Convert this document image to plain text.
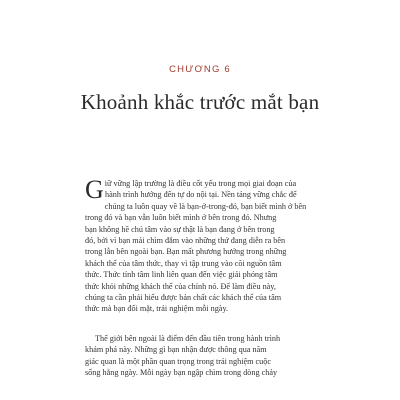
CHƯƠNG 6
Khoảnh khắc trước mắt bạn
Giữ vững lập trường là điều cốt yếu trong mọi giai đoạn của
hành trình hướng đến tự do nội tại. Nền tảng vững chắc để
chúng ta luôn quay về là bạn-ở-trong-đó, bạn biết mình ở bên
trong đó và bạn vẫn luôn biết mình ở bên trong đó. Nhưng
bạn không hề chú tâm vào sự thật là bạn đang ở bên trong
đó, bởi vì bạn mải chìm đắm vào những thứ đang diễn ra bên
trong lẫn bên ngoài bạn. Bạn mất phương hướng trong những
khách thể của tâm thức, thay vì tập trung vào cõi nguồn tâm
thức. Thức tỉnh tâm linh liên quan đến việc giải phóng tâm
thức khỏi những khách thể của chính nó. Để làm điều này,
chúng ta cần phải hiểu được bản chất các khách thể của tâm
thức mà bạn đối mặt, trải nghiệm mỗi ngày.
Thế giới bên ngoài là điểm đến đầu tiên trong hành trình
khám phá này. Những gì bạn nhận được thông qua năm
giác quan là một phần quan trọng trong trải nghiệm cuộc
sống hằng ngày. Mỗi ngày bạn ngập chìm trong dòng chảy
